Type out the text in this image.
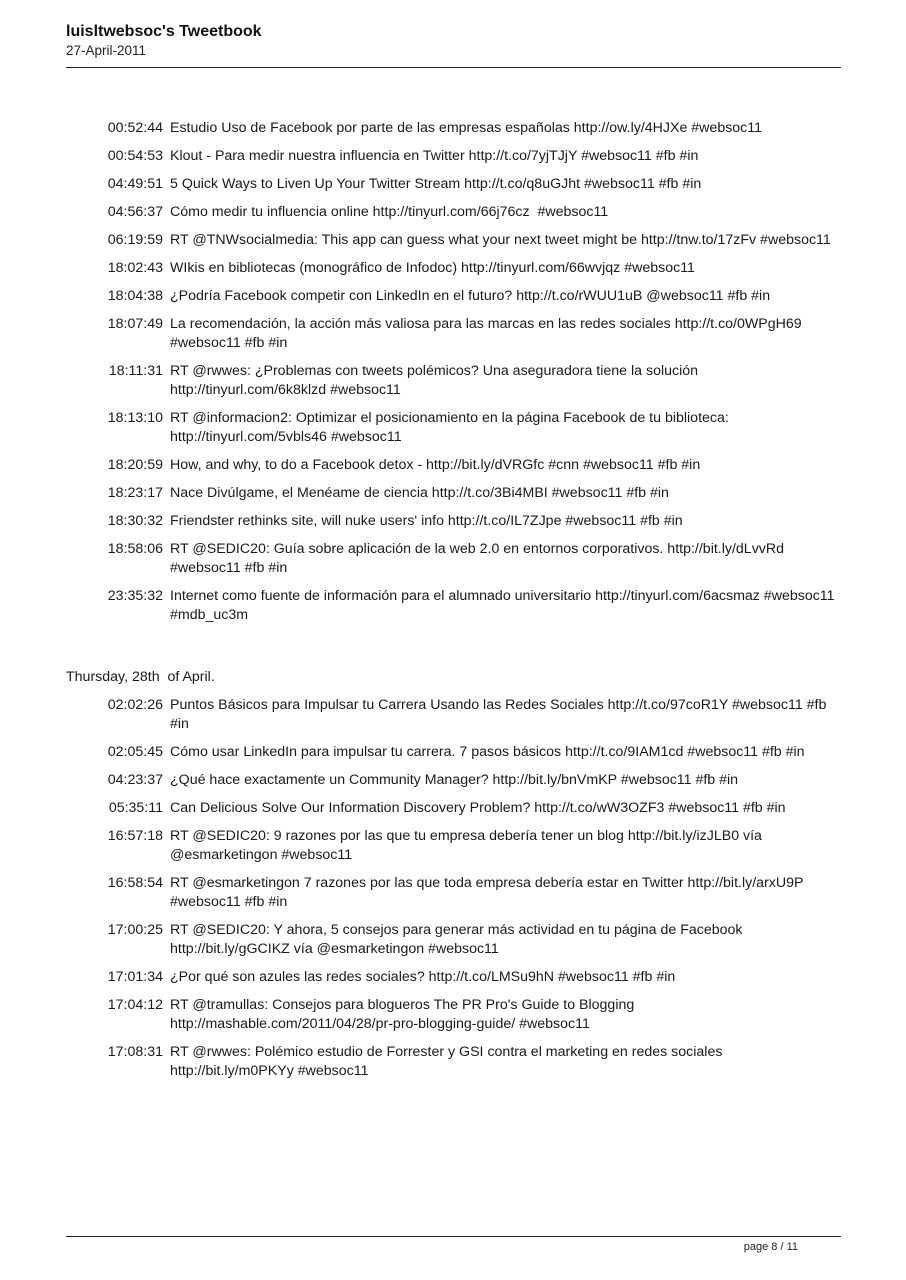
luisltwebsoc's Tweetbook
27-April-2011
00:52:44 Estudio Uso de Facebook por parte de las empresas españolas http://ow.ly/4HJXe #websoc11
00:54:53 Klout - Para medir nuestra influencia en Twitter http://t.co/7yjTJjY #websoc11 #fb #in
04:49:51 5 Quick Ways to Liven Up Your Twitter Stream http://t.co/q8uGJht #websoc11 #fb #in
04:56:37 Cómo medir tu influencia online http://tinyurl.com/66j76cz  #websoc11
06:19:59 RT @TNWsocialmedia: This app can guess what your next tweet might be http://tnw.to/17zFv #websoc11
18:02:43 WIkis en bibliotecas (monográfico de Infodoc) http://tinyurl.com/66wvjqz #websoc11
18:04:38 ¿Podría Facebook competir con LinkedIn en el futuro? http://t.co/rWUU1uB @websoc11 #fb #in
18:07:49 La recomendación, la acción más valiosa para las marcas en las redes sociales http://t.co/0WPgH69 #websoc11 #fb #in
18:11:31 RT @rwwes: ¿Problemas con tweets polémicos? Una aseguradora tiene la solución http://tinyurl.com/6k8klzd #websoc11
18:13:10 RT @informacion2: Optimizar el posicionamiento en la página Facebook de tu biblioteca: http://tinyurl.com/5vbls46 #websoc11
18:20:59 How, and why, to do a Facebook detox - http://bit.ly/dVRGfc #cnn #websoc11 #fb #in
18:23:17 Nace Divúlgame, el Menéame de ciencia http://t.co/3Bi4MBI #websoc11 #fb #in
18:30:32 Friendster rethinks site, will nuke users' info http://t.co/IL7ZJpe #websoc11 #fb #in
18:58:06 RT @SEDIC20: Guía sobre aplicación de la web 2.0 en entornos corporativos. http://bit.ly/dLvvRd #websoc11 #fb #in
23:35:32 Internet como fuente de información para el alumnado universitario http://tinyurl.com/6acsmaz #websoc11 #mdb_uc3m
Thursday, 28th  of April.
02:02:26 Puntos Básicos para Impulsar tu Carrera Usando las Redes Sociales http://t.co/97coR1Y #websoc11 #fb #in
02:05:45 Cómo usar LinkedIn para impulsar tu carrera. 7 pasos básicos http://t.co/9IAM1cd #websoc11 #fb #in
04:23:37 ¿Qué hace exactamente un Community Manager? http://bit.ly/bnVmKP #websoc11 #fb #in
05:35:11 Can Delicious Solve Our Information Discovery Problem? http://t.co/wW3OZF3 #websoc11 #fb #in
16:57:18 RT @SEDIC20: 9 razones por las que tu empresa debería tener un blog http://bit.ly/izJLB0 vía @esmarketingon #websoc11
16:58:54 RT @esmarketingon 7 razones por las que toda empresa debería estar en Twitter http://bit.ly/arxU9P #websoc11 #fb #in
17:00:25 RT @SEDIC20: Y ahora, 5 consejos para generar más actividad en tu página de Facebook http://bit.ly/gGCIKZ vía @esmarketingon #websoc11
17:01:34 ¿Por qué son azules las redes sociales? http://t.co/LMSu9hN #websoc11 #fb #in
17:04:12 RT @tramullas: Consejos para blogueros The PR Pro's Guide to Blogging http://mashable.com/2011/04/28/pr-pro-blogging-guide/ #websoc11
17:08:31 RT @rwwes: Polémico estudio de Forrester y GSI contra el marketing en redes sociales http://bit.ly/m0PKYy #websoc11
page 8 / 11
